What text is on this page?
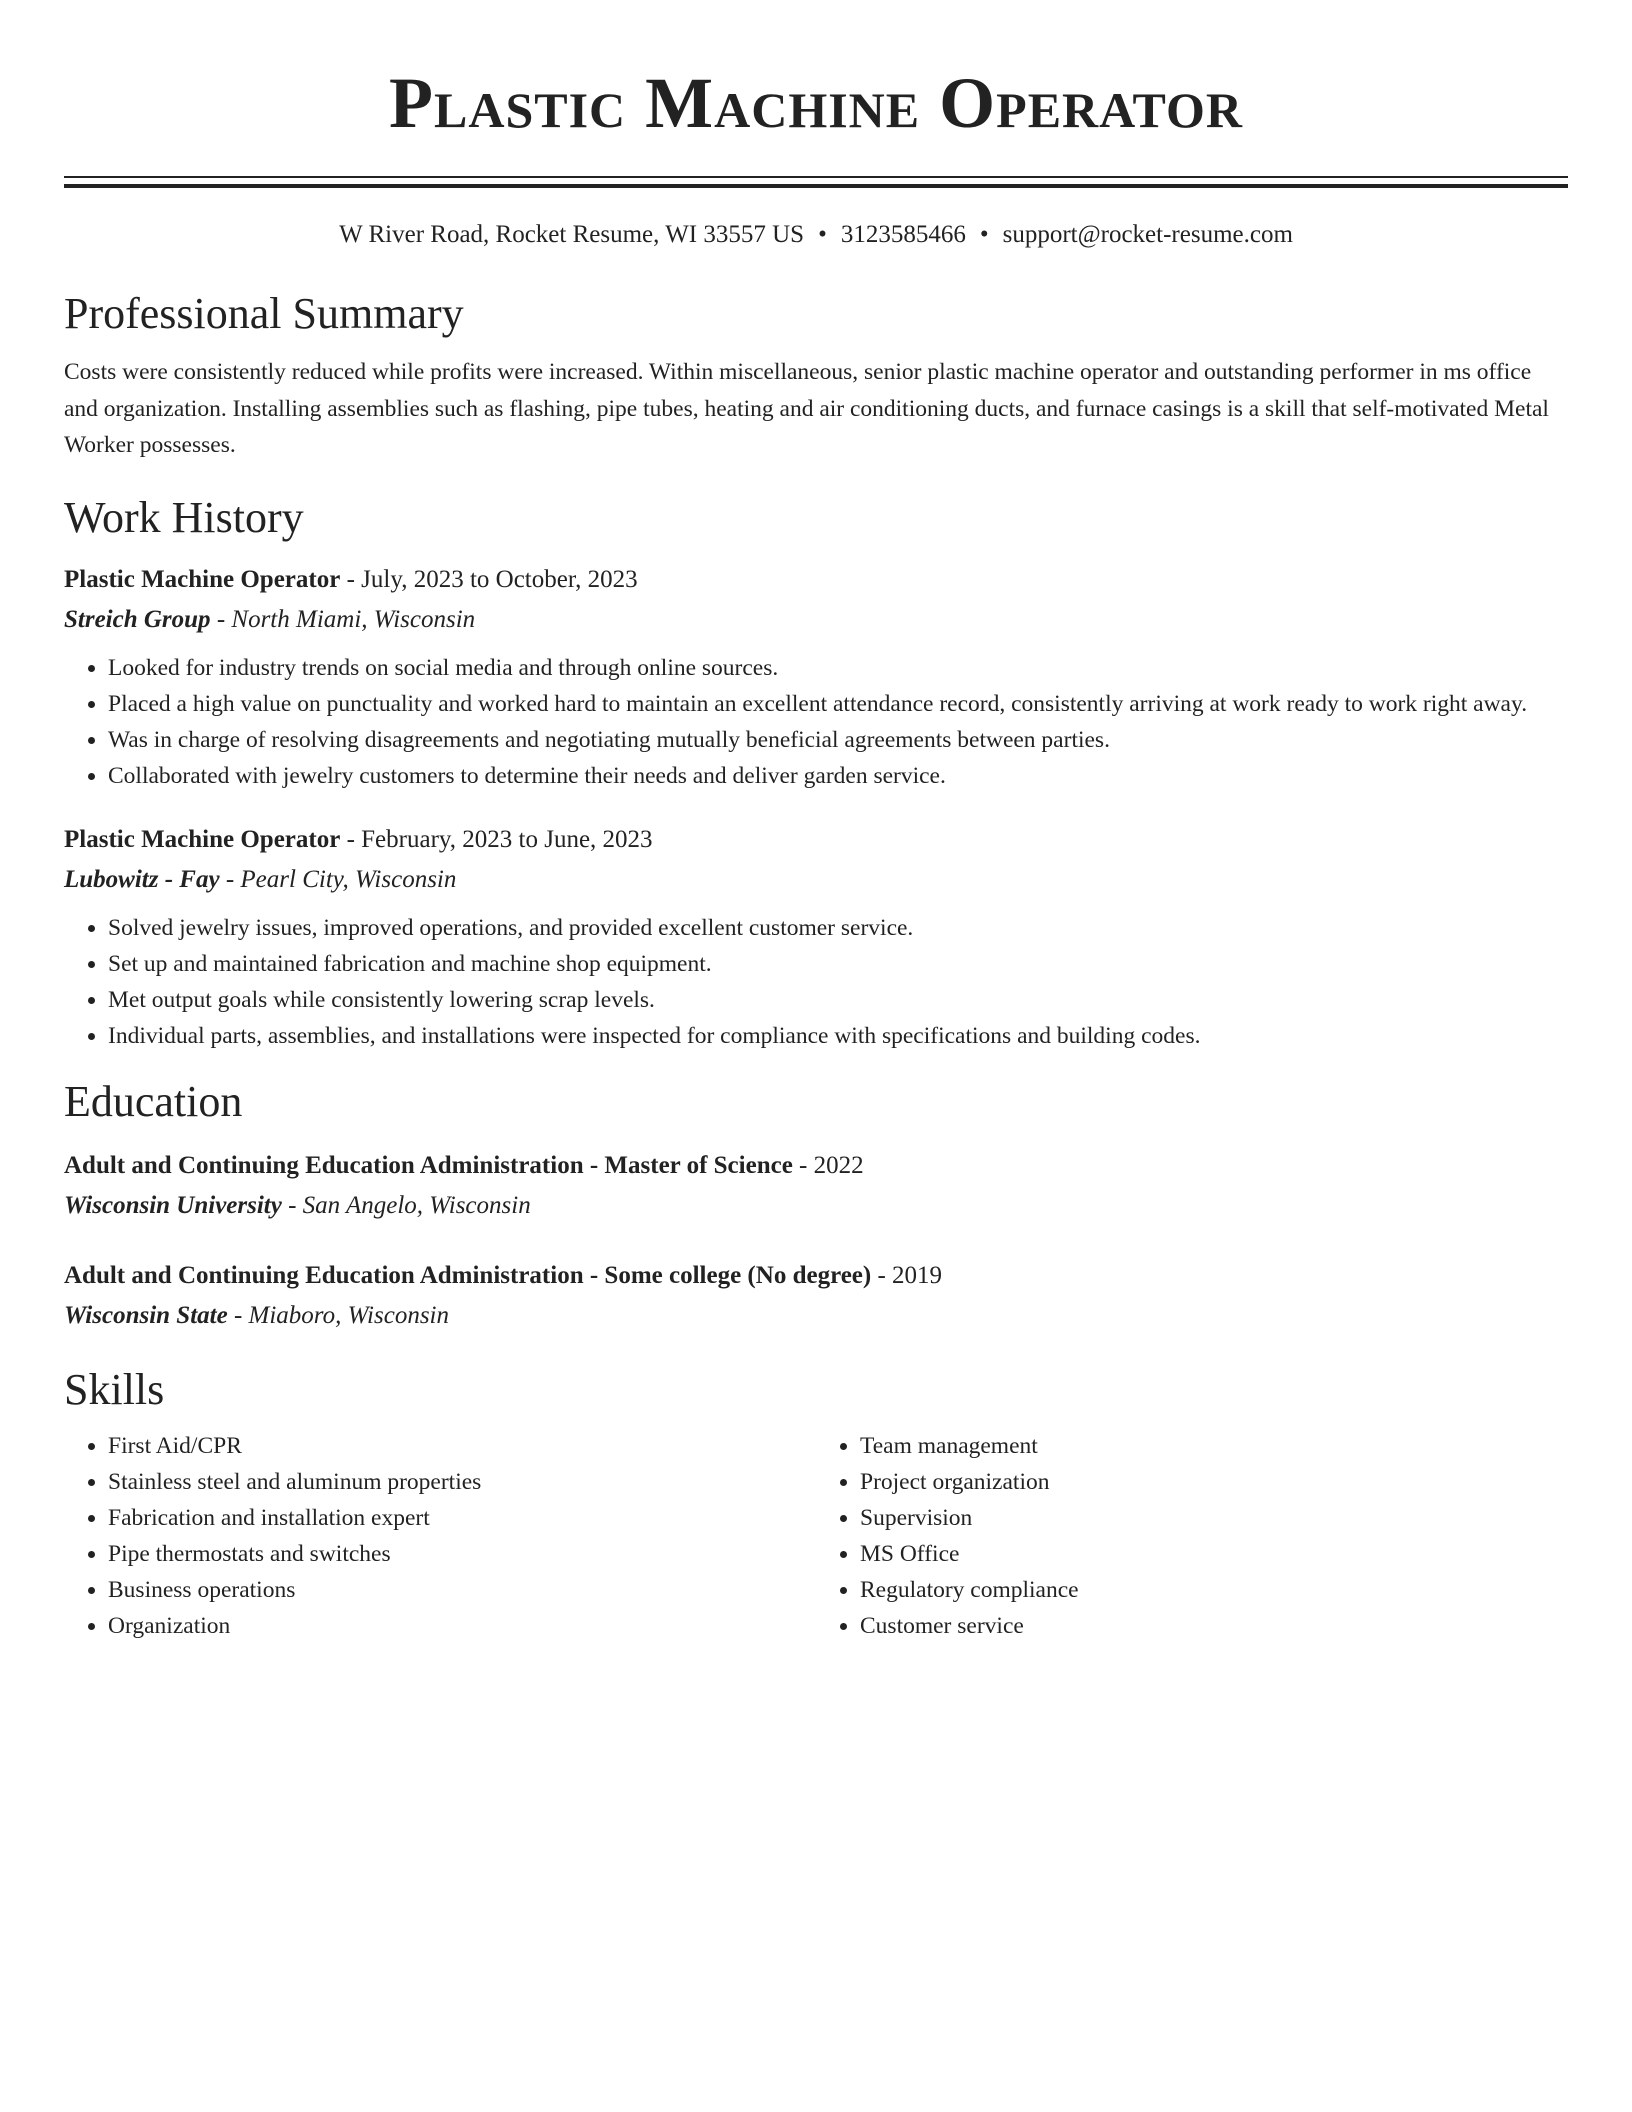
Plastic Machine Operator
W River Road, Rocket Resume, WI 33557 US • 3123585466 • support@rocket-resume.com
Professional Summary
Costs were consistently reduced while profits were increased. Within miscellaneous, senior plastic machine operator and outstanding performer in ms office and organization. Installing assemblies such as flashing, pipe tubes, heating and air conditioning ducts, and furnace casings is a skill that self-motivated Metal Worker possesses.
Work History
Plastic Machine Operator - July, 2023 to October, 2023
Streich Group - North Miami, Wisconsin
• Looked for industry trends on social media and through online sources.
• Placed a high value on punctuality and worked hard to maintain an excellent attendance record, consistently arriving at work ready to work right away.
• Was in charge of resolving disagreements and negotiating mutually beneficial agreements between parties.
• Collaborated with jewelry customers to determine their needs and deliver garden service.
Plastic Machine Operator - February, 2023 to June, 2023
Lubowitz - Fay - Pearl City, Wisconsin
• Solved jewelry issues, improved operations, and provided excellent customer service.
• Set up and maintained fabrication and machine shop equipment.
• Met output goals while consistently lowering scrap levels.
• Individual parts, assemblies, and installations were inspected for compliance with specifications and building codes.
Education
Adult and Continuing Education Administration - Master of Science - 2022
Wisconsin University - San Angelo, Wisconsin
Adult and Continuing Education Administration - Some college (No degree) - 2019
Wisconsin State - Miaboro, Wisconsin
Skills
• First Aid/CPR
• Stainless steel and aluminum properties
• Fabrication and installation expert
• Pipe thermostats and switches
• Business operations
• Organization
• Team management
• Project organization
• Supervision
• MS Office
• Regulatory compliance
• Customer service
